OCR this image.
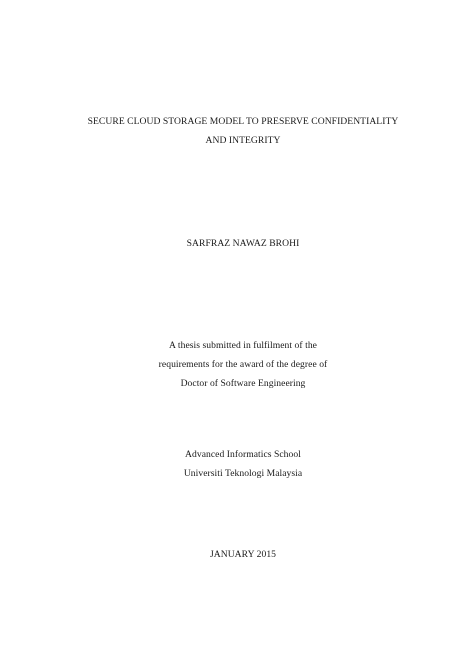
SECURE CLOUD STORAGE MODEL TO PRESERVE CONFIDENTIALITY
AND INTEGRITY
SARFRAZ NAWAZ BROHI
A thesis submitted in fulfilment of the
requirements for the award of the degree of
Doctor of Software Engineering
Advanced Informatics School
Universiti Teknologi Malaysia
JANUARY 2015
